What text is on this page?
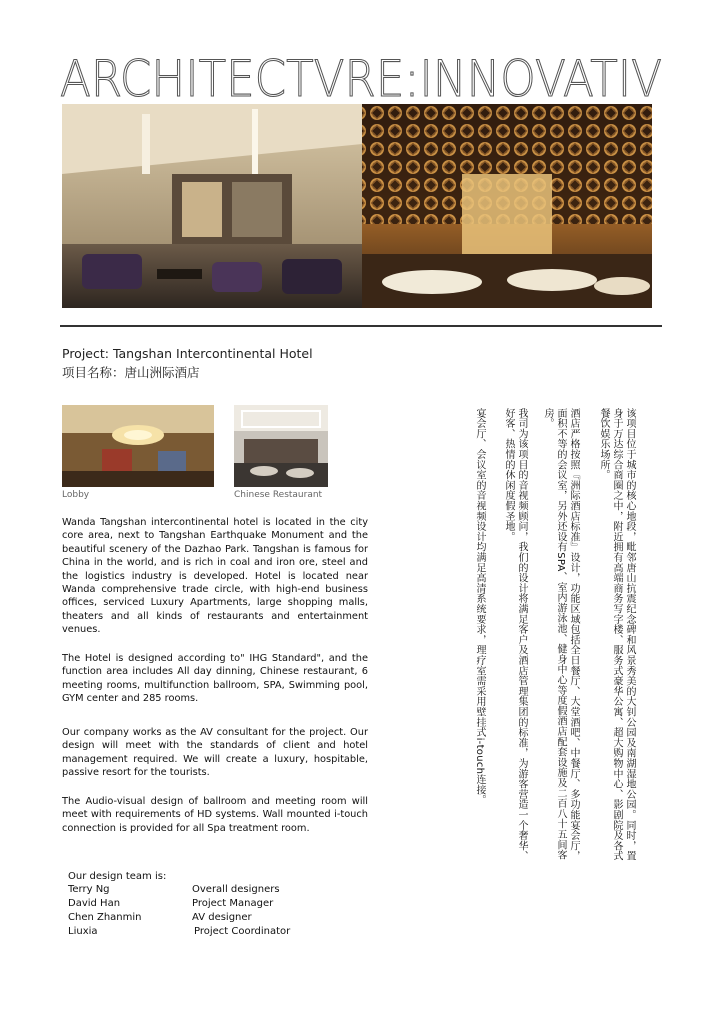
ARCHITECTVRE:INNOVATIV
Project: Tangshan Intercontinental Hotel
项目名称：唐山洲际酒店
Lobby	Chinese Restaurant

Wanda Tangshan intercontinental hotel is located in the city core area, next to Tangshan Earthquake Monument and the beautiful scenery of the Dazhao Park. Tangshan is famous for China in the world, and is rich in coal and iron ore, steel and the logistics industry is developed. Hotel is located near Wanda comprehensive trade circle, with high-end business offices, serviced Luxury Apartments, large shopping malls, theaters and all kinds of restaurants and entertainment venues.

The Hotel is designed according to" IHG Standard", and the function area includes All day dinning, Chinese restaurant, 6 meeting rooms, multifunction ballroom, SPA, Swimming pool, GYM center and 285 rooms.

Our company works as the AV consultant for the project. Our design will meet with the standards of client and hotel management required. We will create a luxury, hospitable, passive resort for the tourists.

The Audio-visual design of ballroom and meeting room will meet with requirements of HD systems. Wall mounted i-touch connection is provided for all Spa treatment room.

Our design team is:
Terry Ng	Overall designers
David Han	Project Manager
Chen Zhanmin	AV designer
Liuxia	Project Coordinator

该项目位于城市的核心地段，毗邻唐山抗震纪念碑和风景秀美的大钊公园及南湖湿地公园。同时，置身于万达综合商圈之中，附近拥有高端商务写字楼、服务式豪华公寓、超大购物中心、影剧院及各式餐饮娱乐场所。

酒店严格按照『洲际酒店标准』设计，功能区域包括全日餐厅、大堂酒吧、中餐厅、多功能宴会厅，面积不等的会议室，另外还设有SPA、室内游泳池、健身中心等度假酒店配套设施及二百八十五间客房。

我司为该项目的音视频顾问，我们的设计将满足客户及酒店管理集团的标准，为游客营造一个奢华、好客、热情的休闲度假圣地。

宴会厅、会议室的音视频设计均满足高清系统要求，理疗室需采用壁挂式i-touch连接。
